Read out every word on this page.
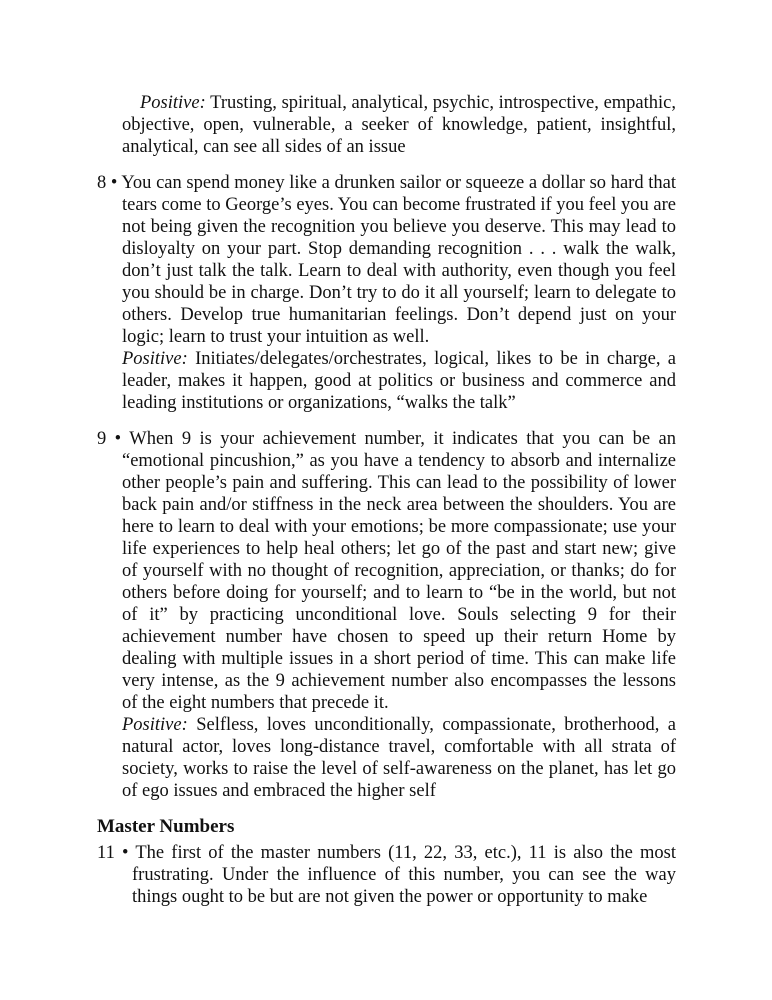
Positive: Trusting, spiritual, analytical, psychic, introspective, empathic, objective, open, vulnerable, a seeker of knowledge, patient, insightful, analytical, can see all sides of an issue

8 • You can spend money like a drunken sailor or squeeze a dollar so hard that tears come to George’s eyes. You can become frustrated if you feel you are not being given the recognition you believe you deserve. This may lead to disloyalty on your part. Stop demanding recognition . . . walk the walk, don’t just talk the talk. Learn to deal with authority, even though you feel you should be in charge. Don’t try to do it all yourself; learn to delegate to others. Develop true humanitarian feelings. Don’t depend just on your logic; learn to trust your intuition as well.

Positive: Initiates/delegates/orchestrates, logical, likes to be in charge, a leader, makes it happen, good at politics or business and commerce and leading institutions or organizations, “walks the talk”

9 • When 9 is your achievement number, it indicates that you can be an “emotional pincushion,” as you have a tendency to absorb and internalize other people’s pain and suffering. This can lead to the possibility of lower back pain and/or stiffness in the neck area between the shoulders. You are here to learn to deal with your emotions; be more compassionate; use your life experiences to help heal others; let go of the past and start new; give of yourself with no thought of recognition, appreciation, or thanks; do for others before doing for yourself; and to learn to “be in the world, but not of it” by practicing unconditional love. Souls selecting 9 for their achievement number have chosen to speed up their return Home by dealing with multiple issues in a short period of time. This can make life very intense, as the 9 achievement number also encompasses the lessons of the eight numbers that precede it.

Positive: Selfless, loves unconditionally, compassionate, brotherhood, a natural actor, loves long-distance travel, comfortable with all strata of society, works to raise the level of self-awareness on the planet, has let go of ego issues and embraced the higher self

Master Numbers

11 • The first of the master numbers (11, 22, 33, etc.), 11 is also the most frustrating. Under the influence of this number, you can see the way things ought to be but are not given the power or opportunity to make
